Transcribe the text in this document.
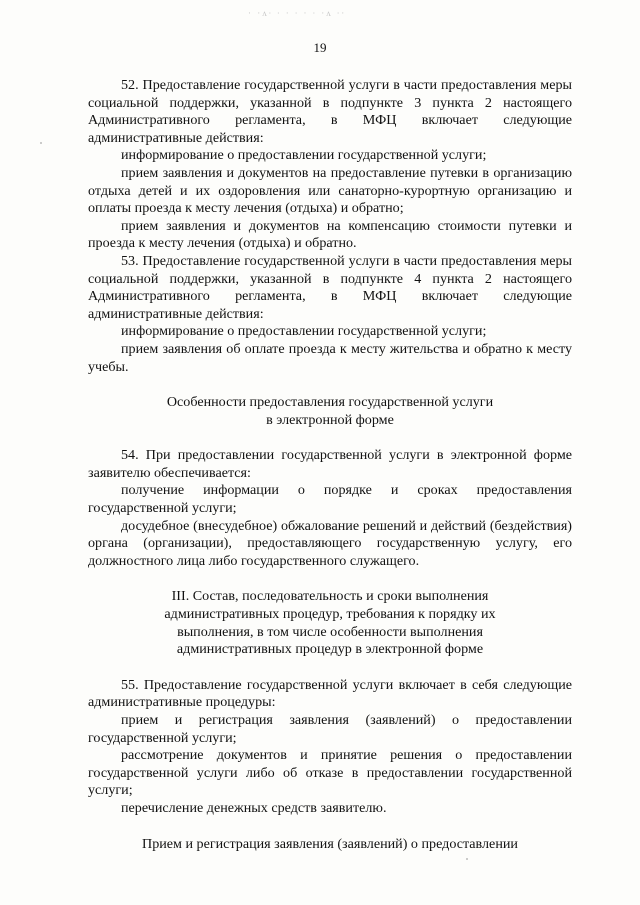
· ·ᴧ∙ ∙ · ∙ · ∙ ·ᴧ ∙·
19

52. Предоставление государственной услуги в части предоставления меры социальной поддержки, указанной в подпункте 3 пункта 2 настоящего Административного регламента, в МФЦ включает следующие административные действия:

информирование о предоставлении государственной услуги;

прием заявления и документов на предоставление путевки в организацию отдыха детей и их оздоровления или санаторно-курортную организацию и оплаты проезда к месту лечения (отдыха) и обратно;

прием заявления и документов на компенсацию стоимости путевки и проезда к месту лечения (отдыха) и обратно.

53. Предоставление государственной услуги в части предоставления меры социальной поддержки, указанной в подпункте 4 пункта 2 настоящего Административного регламента, в МФЦ включает следующие административные действия:

информирование о предоставлении государственной услуги;

прием заявления об оплате проезда к месту жительства и обратно к месту учебы.

Особенности предоставления государственной услуги
в электронной форме

54. При предоставлении государственной услуги в электронной форме заявителю обеспечивается:

получение информации о порядке и сроках предоставления государственной услуги;

досудебное (внесудебное) обжалование решений и действий (бездействия) органа (организации), предоставляющего государственную услугу, его должностного лица либо государственного служащего.

III. Состав, последовательность и сроки выполнения
административных процедур, требования к порядку их
выполнения, в том числе особенности выполнения
административных процедур в электронной форме

55. Предоставление государственной услуги включает в себя следующие административные процедуры:

прием и регистрация заявления (заявлений) о предоставлении государственной услуги;

рассмотрение документов и принятие решения о предоставлении государственной услуги либо об отказе в предоставлении государственной услуги;

перечисление денежных средств заявителю.

Прием и регистрация заявления (заявлений) о предоставлении
